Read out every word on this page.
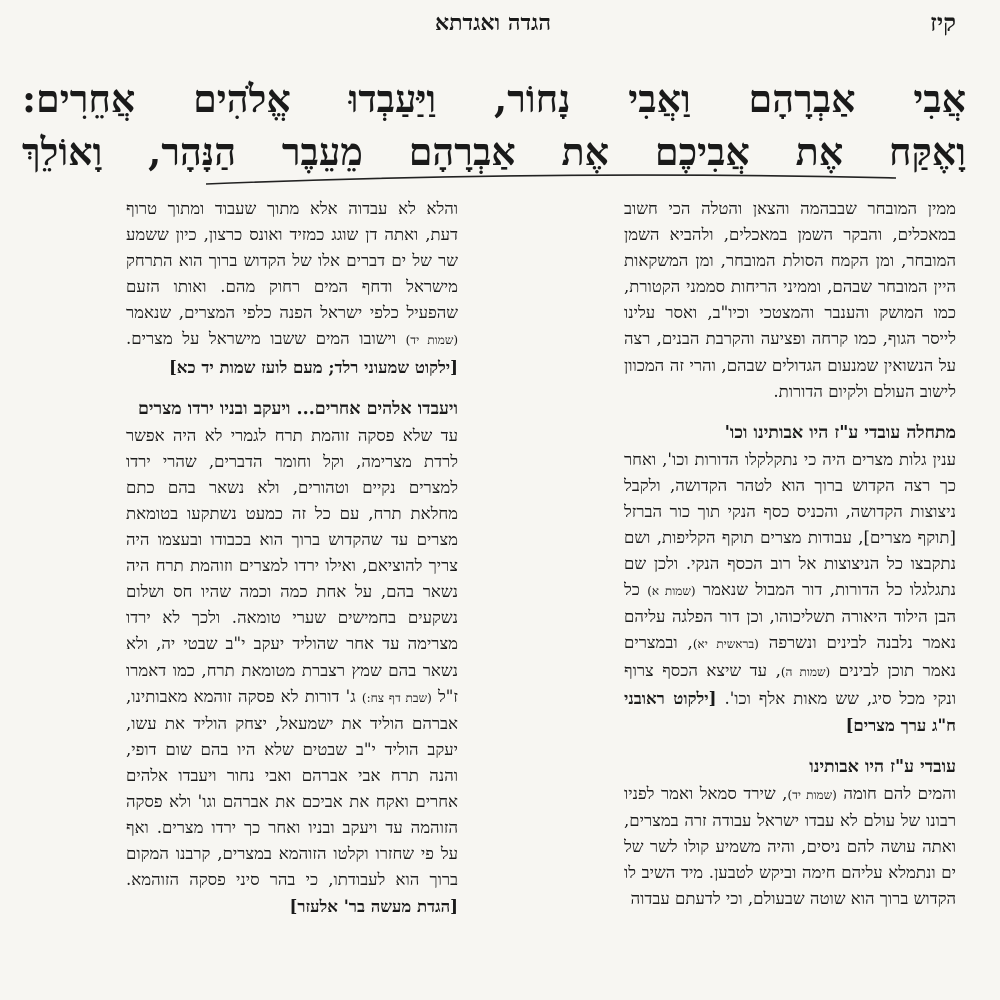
קיז
הגדה ואגדתא
אֲבִי אַבְרָהָם וַאֲבִי נָחוֹר, וַיַּעַבְדוּ אֱלֹהִים אֲחֵרִים:
וָאֶקַּח אֶת אֲבִיכֶם אֶת אַבְרָהָם מֵעֵבֶר הַנָּהָר, וָאוֹלֵךְ

ממין המובחר שבבהמה והצאן והטלה הכי חשוב במאכלים, והבקר השמן במאכלים, ולהביא השמן המובחר, ומן הקמח הסולת המובחר, ומן המשקאות היין המובחר שבהם, וממיני הריחות סממני הקטורת, כמו המושק והענבר והמצטכי וכיו"ב, ואסר עלינו לייסר הגוף, כמו קרחה ופציעה והקרבת הבנים, רצה על הנשואין שמנעום הגדולים שבהם, והרי זה המכוון לישוב העולם ולקיום הדורות.

מתחלה עובדי ע"ז היו אבותינו וכו'

ענין גלות מצרים היה כי נתקלקלו הדורות וכו', ואחר כך רצה הקדוש ברוך הוא לטהר הקדושה, ולקבל ניצוצות הקדושה, והכניס כסף הנקי תוך כור הברזל [תוקף מצרים], עבודות מצרים תוקף הקליפות, ושם נתקבצו כל הניצוצות אל רוב הכסף הנקי. ולכן שם נתגלגלו כל הדורות, דור המבול שנאמר (שמות א) כל הבן הילוד היאורה תשליכוהו, וכן דור הפלגה עליהם נאמר נלבנה לבינים ונשרפה (בראשית יא), ובמצרים נאמר תוכן לבינים (שמות ה), עד שיצא הכסף צרוף ונקי מכל סיג, שש מאות אלף וכו'. [ילקוט ראובני ח"ג ערך מצרים]

עובדי ע"ז היו אבותינו

והמים להם חומה (שמות יד), שירד סמאל ואמר לפניו רבונו של עולם לא עבדו ישראל עבודה זרה במצרים, ואתה עושה להם ניסים, והיה משמיע קולו לשר של ים ונתמלא עליהם חימה וביקש לטבען. מיד השיב לו הקדוש ברוך הוא שוטה שבעולם, וכי לדעתם עבדוה

והלא לא עבדוה אלא מתוך שעבוד ומתוך טרוף דעת, ואתה דן שוגג כמזיד ואונס כרצון, כיון ששמע שר של ים דברים אלו של הקדוש ברוך הוא התרחק מישראל ודחף המים רחוק מהם. ואותו הזעם שהפעיל כלפי ישראל הפנה כלפי המצרים, שנאמר (שמות יד) וישובו המים ששבו מישראל על מצרים. [ילקוט שמעוני רלד; מעם לועז שמות יד כא]

ויעבדו אלהים אחרים... ויעקב ובניו ירדו מצרים

עד שלא פסקה זוהמת תרח לגמרי לא היה אפשר לרדת מצרימה, וקל וחומר הדברים, שהרי ירדו למצרים נקיים וטהורים, ולא נשאר בהם כתם מחלאת תרח, עם כל זה כמעט נשתקעו בטומאת מצרים עד שהקדוש ברוך הוא בכבודו ובעצמו היה צריך להוציאם, ואילו ירדו למצרים וזוהמת תרח היה נשאר בהם, על אחת כמה וכמה שהיו חס ושלום נשקעים בחמישים שערי טומאה. ולכך לא ירדו מצרימה עד אחר שהוליד יעקב י"ב שבטי יה, ולא נשאר בהם שמץ רצברת מטומאת תרח, כמו דאמרו ז"ל (שבת דף צח:) ג' דורות לא פסקה זוהמא מאבותינו, אברהם הוליד את ישמעאל, יצחק הוליד את עשו, יעקב הוליד י"ב שבטים שלא היו בהם שום דופי, והנה תרח אבי אברהם ואבי נחור ויעבדו אלהים אחרים ואקח את אביכם את אברהם וגו' ולא פסקה הזוהמה עד ויעקב ובניו ואחר כך ירדו מצרים. ואף על פי שחזרו וקלטו הזוהמא במצרים, קרבנו המקום ברוך הוא לעבודתו, כי בהר סיני פסקה הזוהמא. [הגדת מעשה בר' אלעזר]
